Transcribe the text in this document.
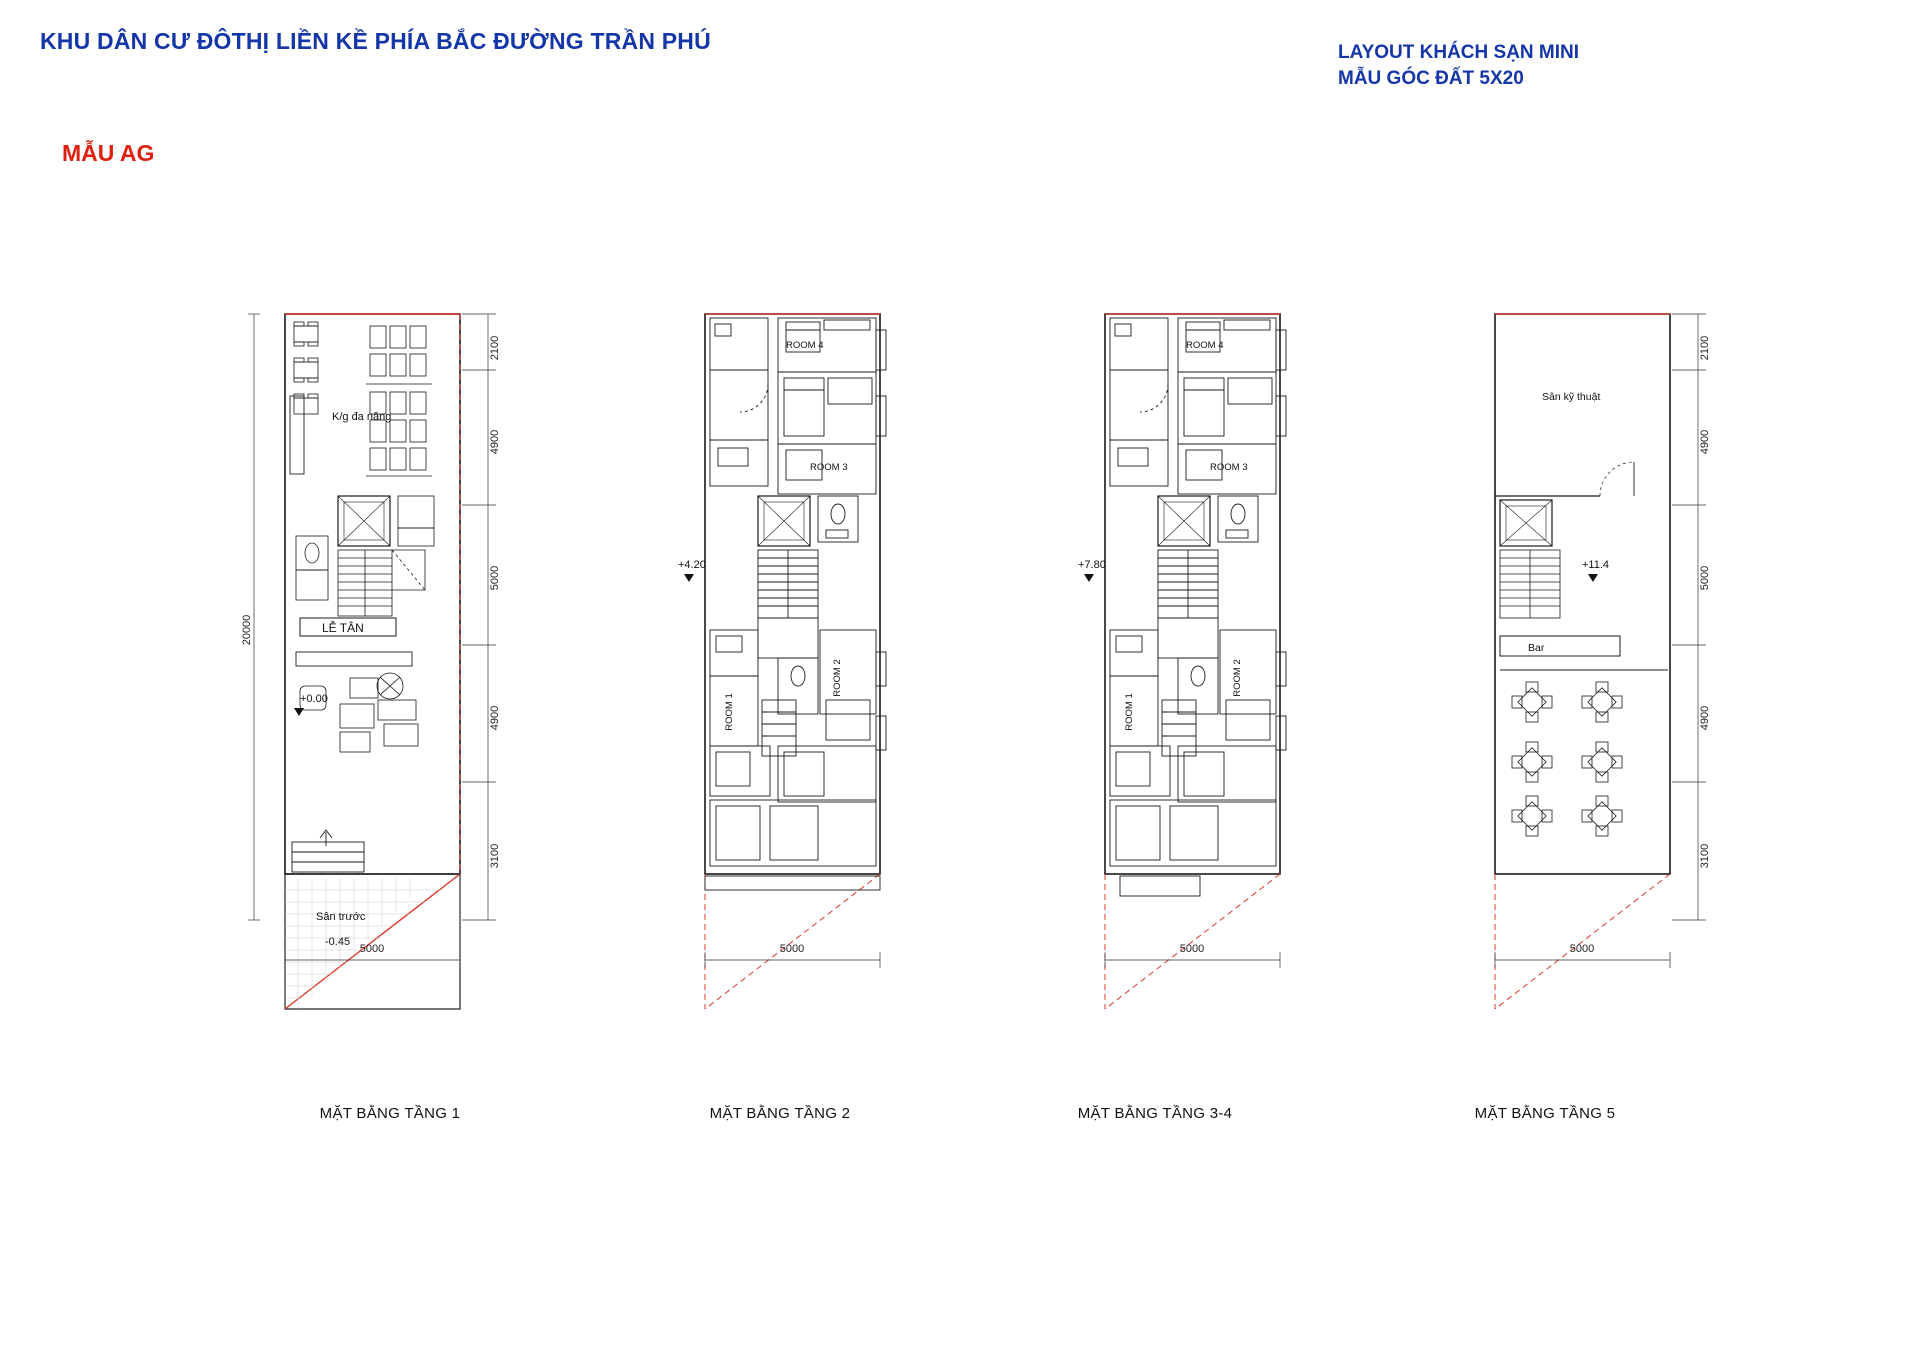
KHU DÂN CƯ ĐÔTHỊ LIỀN KỀ PHÍA BẮC ĐƯỜNG TRẦN PHÚ	LAYOUT KHÁCH SẠN MINI
MẪU GÓC ĐẤT 5X20
MẪU AG
K/g đa năng
LỄ TÂN
Sân trước
-0.45
+0.00
20000
2100
4900
5000
4900
3100
5000
ROOM 4
ROOM 3
ROOM 2
ROOM 1
+4.20
5000
ROOM 4
ROOM 3
ROOM 2
ROOM 1
+7.80
5000
Sân kỹ thuật
Bar
+11.4
2100
4900
5000
4900
3100
5000
MẶT BẰNG TẦNG 1	MẶT BẰNG TẦNG 2	MẶT BẰNG TẦNG 3-4	MẶT BẰNG TẦNG 5
